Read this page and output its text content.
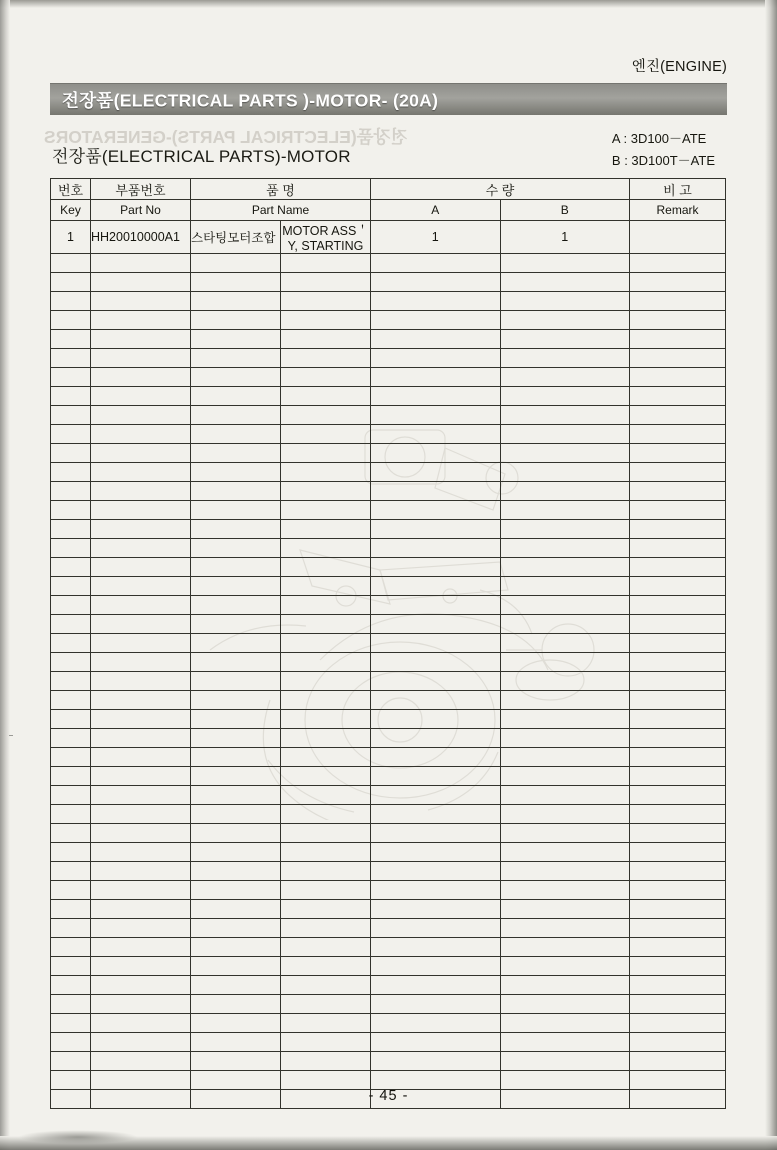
엔진(ENGINE)
전장품(ELECTRICAL PARTS )-MOTOR- (20A)
전장품(ELECTRICAL PARTS)-GENERATORS
전장품(ELECTRICAL PARTS)-MOTOR
A : 3D100－ATE
B : 3D100T－ATE
번호	부품번호	품 명		수 량		비 고
Key	Part No	Part Name		A	B	Remark
1	HH20010000A1	스타팅모터조합	MOTOR ASS＇Y, STARTING	1	1	

- 45 -
